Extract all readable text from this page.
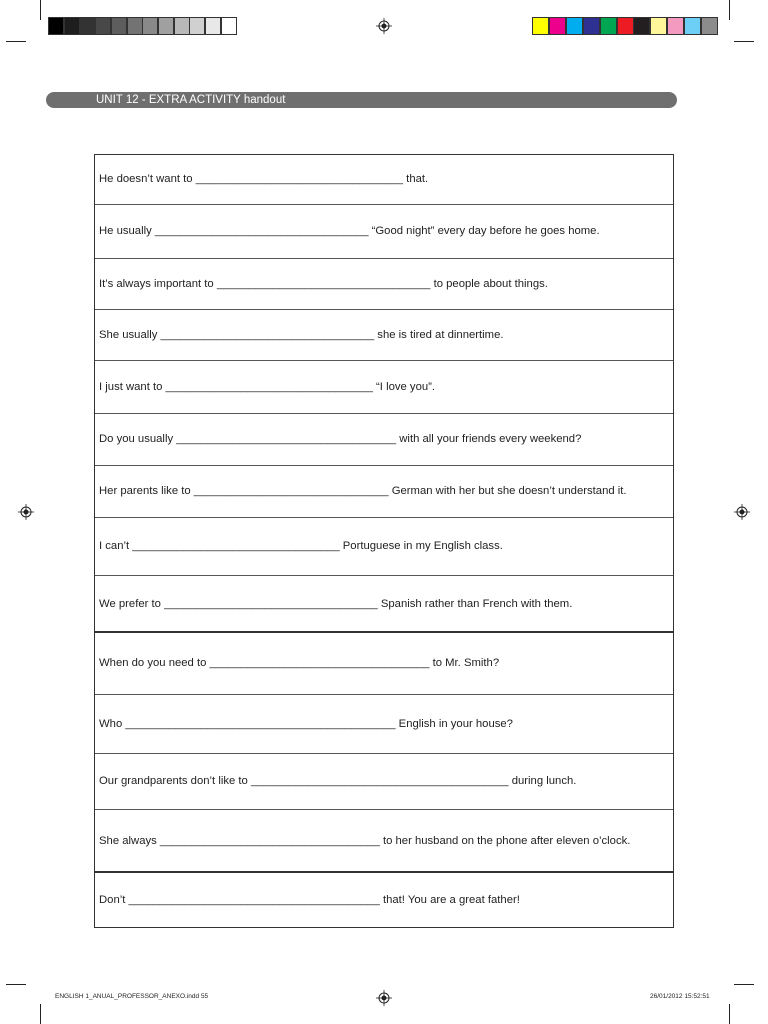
UNIT 12 - EXTRA ACTIVITY handout
He doesn’t want to _________________________________ that.
He usually __________________________________ “Good night” every day before he goes home.
It’s always important to __________________________________ to people about things.
She usually __________________________________ she is tired at dinnertime.
I just want to _________________________________ “I love you”.
Do you usually ___________________________________ with all your friends every weekend?
Her parents like to _______________________________ German with her but she doesn’t understand it.
I can’t _________________________________ Portuguese in my English class.
We prefer to __________________________________ Spanish rather than French with them.
When do you need to ___________________________________ to Mr. Smith?
Who ___________________________________________ English in your house?
Our grandparents don’t like to _________________________________________ during lunch.
She always ___________________________________ to her husband on the phone after eleven o’clock.
Don’t ________________________________________ that! You are a great father!
ENGLISH 1_ANUAL_PROFESSOR_ANEXO.indd 55	26/01/2012 15:52:51
